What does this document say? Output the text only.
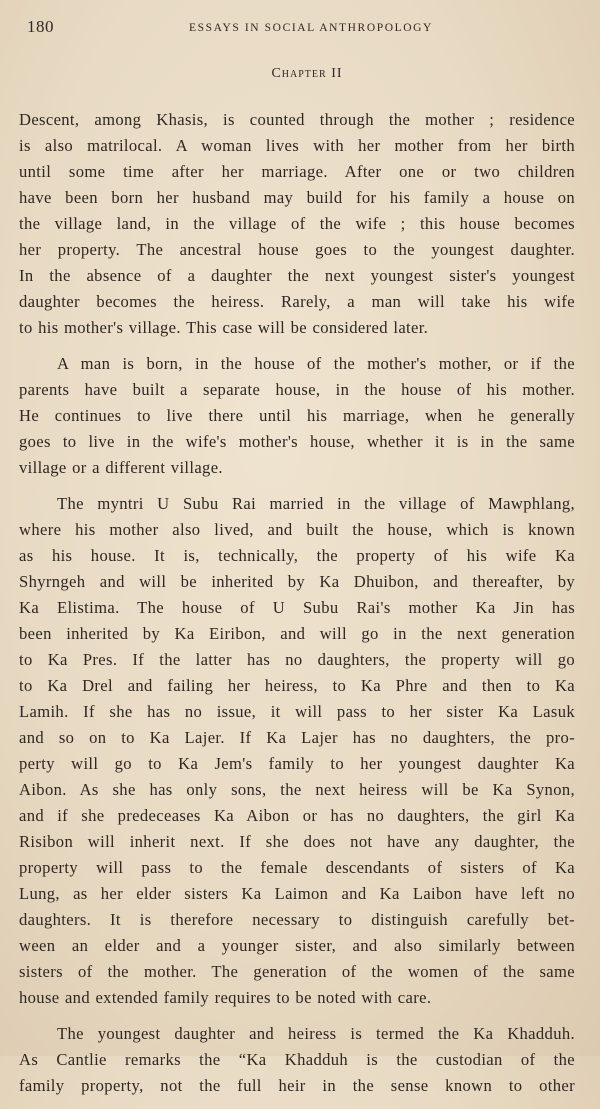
180	ESSAYS IN SOCIAL ANTHROPOLOGY
Chapter II
Descent, among Khasis, is counted through the mother ; residence
is also matrilocal. A woman lives with her mother from her birth
until some time after her marriage. After one or two children
have been born her husband may build for his family a house on
the village land, in the village of the wife ; this house becomes
her property. The ancestral house goes to the youngest daughter.
In the absence of a daughter the next youngest sister's youngest
daughter becomes the heiress. Rarely, a man will take his wife
to his mother's village. This case will be considered later.
A man is born, in the house of the mother's mother, or if the
parents have built a separate house, in the house of his mother.
He continues to live there until his marriage, when he generally
goes to live in the wife's mother's house, whether it is in the same
village or a different village.
The myntri U Subu Rai married in the village of Mawphlang,
where his mother also lived, and built the house, which is known
as his house. It is, technically, the property of his wife Ka
Shyrngeh and will be inherited by Ka Dhuibon, and thereafter, by
Ka Elistima. The house of U Subu Rai's mother Ka Jin has
been inherited by Ka Eiribon, and will go in the next generation
to Ka Pres. If the latter has no daughters, the property will go
to Ka Drel and failing her heiress, to Ka Phre and then to Ka
Lamih. If she has no issue, it will pass to her sister Ka Lasuk
and so on to Ka Lajer. If Ka Lajer has no daughters, the pro-
perty will go to Ka Jem's family to her youngest daughter Ka
Aibon. As she has only sons, the next heiress will be Ka Synon,
and if she predeceases Ka Aibon or has no daughters, the girl Ka
Risibon will inherit next. If she does not have any daughter, the
property will pass to the female descendants of sisters of Ka
Lung, as her elder sisters Ka Laimon and Ka Laibon have left no
daughters. It is therefore necessary to distinguish carefully bet-
ween an elder and a younger sister, and also similarly between
sisters of the mother. The generation of the women of the same
house and extended family requires to be noted with care.
The youngest daughter and heiress is termed the Ka Khadduh.
As Cantlie remarks the “Ka Khadduh is the custodian of the
family property, not the full heir in the sense known to other
